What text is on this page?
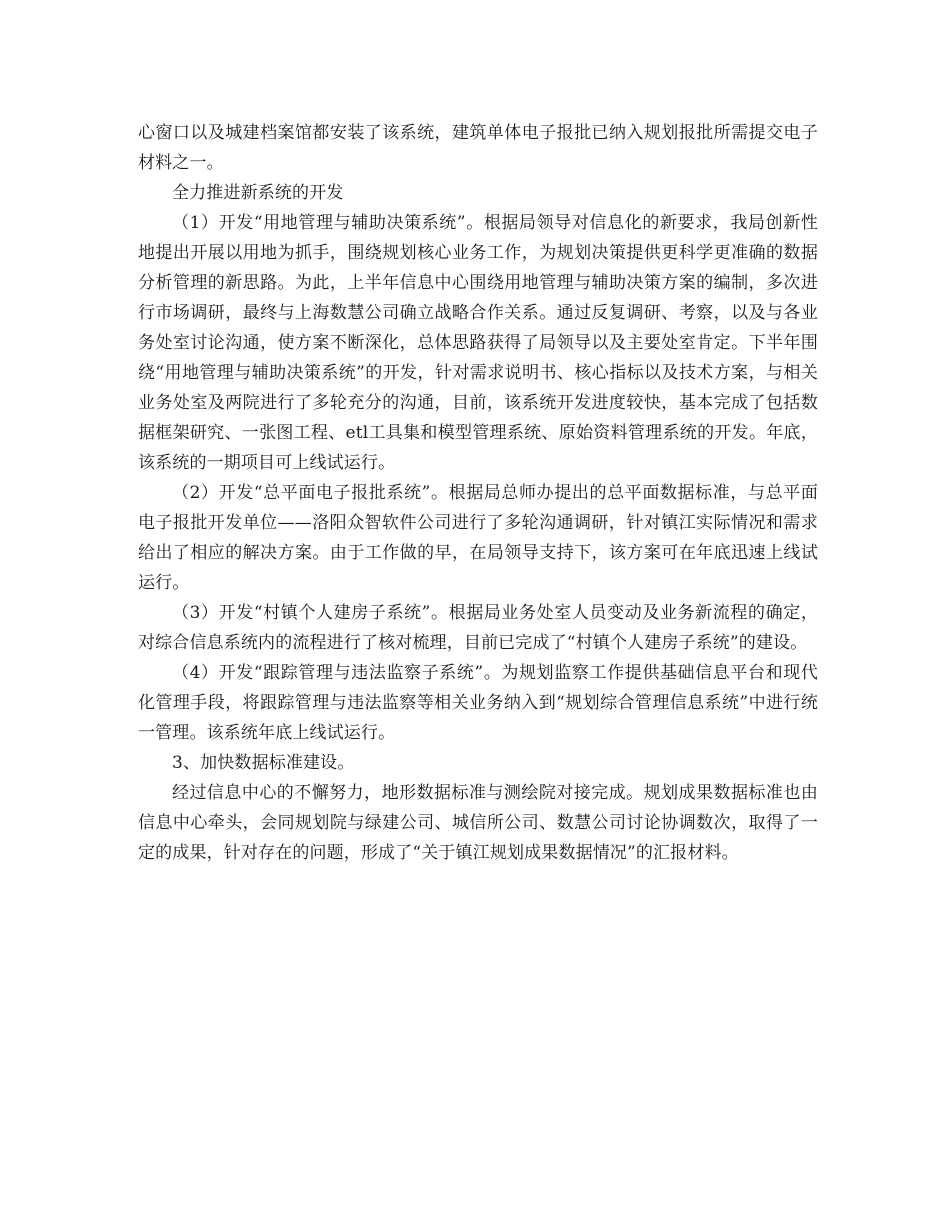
心窗口以及城建档案馆都安装了该系统，建筑单体电子报批已纳入规划报批所需提交电子材料之一。

全力推进新系统的开发

（1）开发“用地管理与辅助决策系统”。根据局领导对信息化的新要求，我局创新性地提出开展以用地为抓手，围绕规划核心业务工作，为规划决策提供更科学更准确的数据分析管理的新思路。为此，上半年信息中心围绕用地管理与辅助决策方案的编制，多次进行市场调研，最终与上海数慧公司确立战略合作关系。通过反复调研、考察，以及与各业务处室讨论沟通，使方案不断深化，总体思路获得了局领导以及主要处室肯定。下半年围绕“用地管理与辅助决策系统”的开发，针对需求说明书、核心指标以及技术方案，与相关业务处室及两院进行了多轮充分的沟通，目前，该系统开发进度较快，基本完成了包括数据框架研究、一张图工程、etl工具集和模型管理系统、原始资料管理系统的开发。年底，该系统的一期项目可上线试运行。

（2）开发“总平面电子报批系统”。根据局总师办提出的总平面数据标准，与总平面电子报批开发单位——洛阳众智软件公司进行了多轮沟通调研，针对镇江实际情况和需求给出了相应的解决方案。由于工作做的早，在局领导支持下，该方案可在年底迅速上线试运行。

（3）开发“村镇个人建房子系统”。根据局业务处室人员变动及业务新流程的确定，对综合信息系统内的流程进行了核对梳理，目前已完成了“村镇个人建房子系统”的建设。

（4）开发“跟踪管理与违法监察子系统”。为规划监察工作提供基础信息平台和现代化管理手段，将跟踪管理与违法监察等相关业务纳入到“规划综合管理信息系统”中进行统一管理。该系统年底上线试运行。

3、加快数据标准建设。

经过信息中心的不懈努力，地形数据标准与测绘院对接完成。规划成果数据标准也由信息中心牵头，会同规划院与绿建公司、城信所公司、数慧公司讨论协调数次，取得了一定的成果，针对存在的问题，形成了“关于镇江规划成果数据情况”的汇报材料。
